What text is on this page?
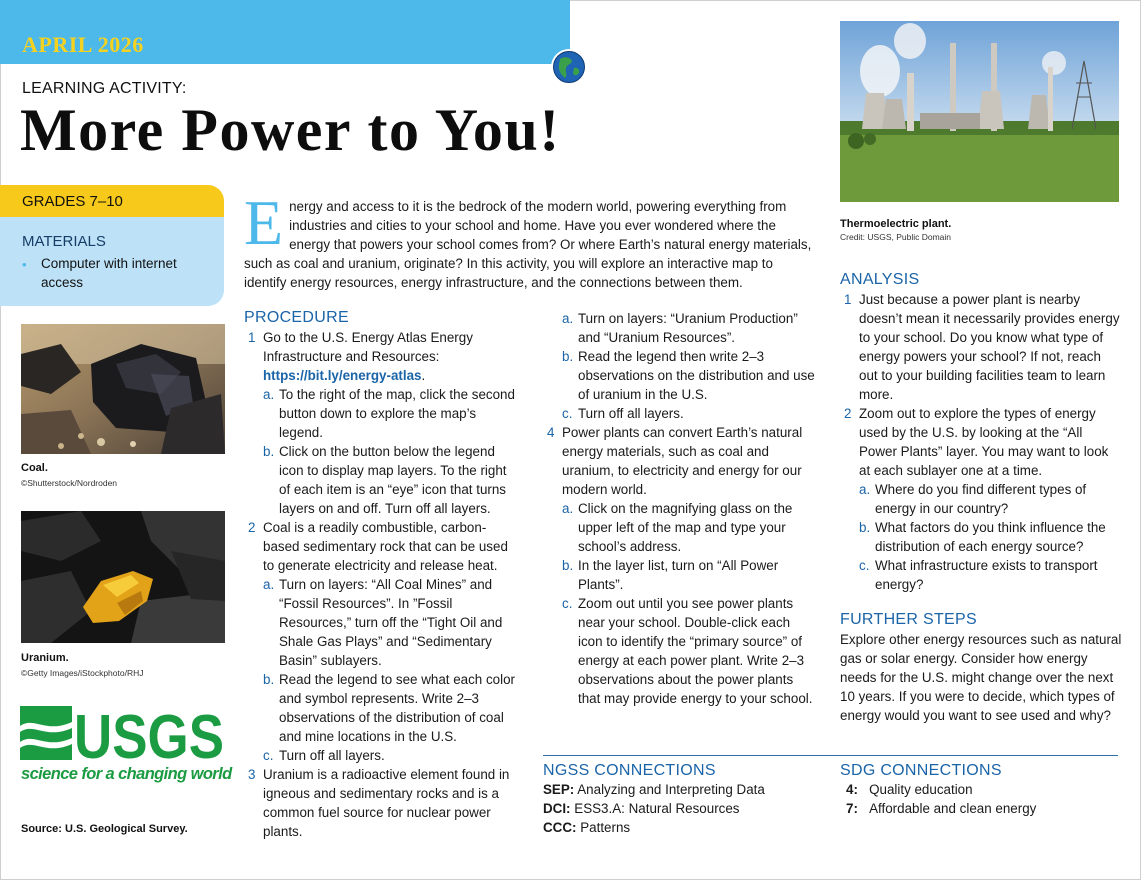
APRIL 2026
LEARNING ACTIVITY:
More Power to You!
GRADES 7–10
MATERIALS
• Computer with internet access
Coal.
©Shutterstock/Nordroden
Uranium.
©Getty Images/iStockphoto/RHJ
USGS
science for a changing world
Source: U.S. Geological Survey.
Thermoelectric plant.
Credit: USGS, Public Domain
Energy and access to it is the bedrock of the modern world, powering everything from industries and cities to your school and home. Have you ever wondered where the energy that powers your school comes from? Or where Earth’s natural energy materials, such as coal and uranium, originate? In this activity, you will explore an interactive map to identify energy resources, energy infrastructure, and the connections between them.
PROCEDURE
1 Go to the U.S. Energy Atlas Energy Infrastructure and Resources: https://bit.ly/energy-atlas.
a. To the right of the map, click the second button down to explore the map’s legend.
b. Click on the button below the legend icon to display map layers. To the right of each item is an “eye” icon that turns layers on and off. Turn off all layers.
2 Coal is a readily combustible, carbon-based sedimentary rock that can be used to generate electricity and release heat.
a. Turn on layers: “All Coal Mines” and “Fossil Resources”. In ”Fossil Resources,” turn off the “Tight Oil and Shale Gas Plays” and “Sedimentary Basin” sublayers.
b. Read the legend to see what each color and symbol represents. Write 2–3 observations of the distribution of coal and mine locations in the U.S.
c. Turn off all layers.
3 Uranium is a radioactive element found in igneous and sedimentary rocks and is a common fuel source for nuclear power plants.
a. Turn on layers: “Uranium Production” and “Uranium Resources”.
b. Read the legend then write 2–3 observations on the distribution and use of uranium in the U.S.
c. Turn off all layers.
4 Power plants can convert Earth’s natural energy materials, such as coal and uranium, to electricity and energy for our modern world.
a. Click on the magnifying glass on the upper left of the map and type your school’s address.
b. In the layer list, turn on “All Power Plants”.
c. Zoom out until you see power plants near your school. Double-click each icon to identify the “primary source” of energy at each power plant. Write 2–3 observations about the power plants that may provide energy to your school.
ANALYSIS
1 Just because a power plant is nearby doesn’t mean it necessarily provides energy to your school. Do you know what type of energy powers your school? If not, reach out to your building facilities team to learn more.
2 Zoom out to explore the types of energy used by the U.S. by looking at the “All Power Plants” layer. You may want to look at each sublayer one at a time.
a. Where do you find different types of energy in our country?
b. What factors do you think influence the distribution of each energy source?
c. What infrastructure exists to transport energy?
FURTHER STEPS
Explore other energy resources such as natural gas or solar energy. Consider how energy needs for the U.S. might change over the next 10 years. If you were to decide, which types of energy would you want to see used and why?
NGSS CONNECTIONS
SEP: Analyzing and Interpreting Data
DCI: ESS3.A: Natural Resources
CCC: Patterns
SDG CONNECTIONS
4: Quality education
7: Affordable and clean energy
